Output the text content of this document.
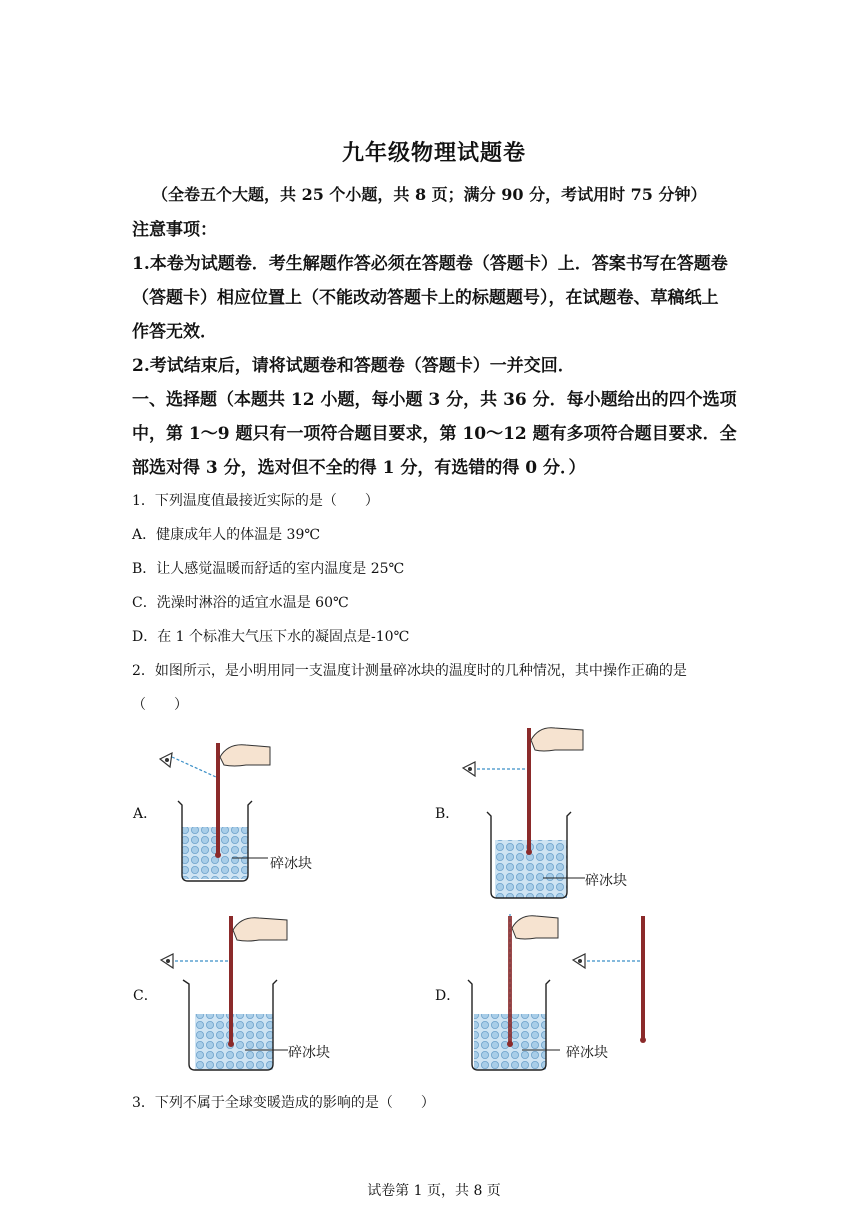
九年级物理试题卷
（全卷五个大题，共 25 个小题，共 8 页；满分 90 分，考试用时 75 分钟）
注意事项：
1.本卷为试题卷．考生解题作答必须在答题卷（答题卡）上．答案书写在答题卷
（答题卡）相应位置上（不能改动答题卡上的标题题号），在试题卷、草稿纸上
作答无效．
2.考试结束后，请将试题卷和答题卷（答题卡）一并交回．
一、选择题（本题共 12 小题，每小题 3 分，共 36 分．每小题给出的四个选项
中，第 1～9 题只有一项符合题目要求，第 10～12 题有多项符合题目要求．全
部选对得 3 分，选对但不全的得 1 分，有选错的得 0 分．）
1．下列温度值最接近实际的是（　　）
A．健康成年人的体温是 39℃
B．让人感觉温暖而舒适的室内温度是 25℃
C．洗澡时淋浴的适宜水温是 60℃
D．在 1 个标准大气压下水的凝固点是-10℃
2．如图所示，是小明用同一支温度计测量碎冰块的温度时的几种情况，其中操作正确的是
（　　）
A．	B．
C．	D．
碎冰块
碎冰块
碎冰块	碎冰块
3．下列不属于全球变暖造成的影响的是（　　）
试卷第 1 页，共 8 页
